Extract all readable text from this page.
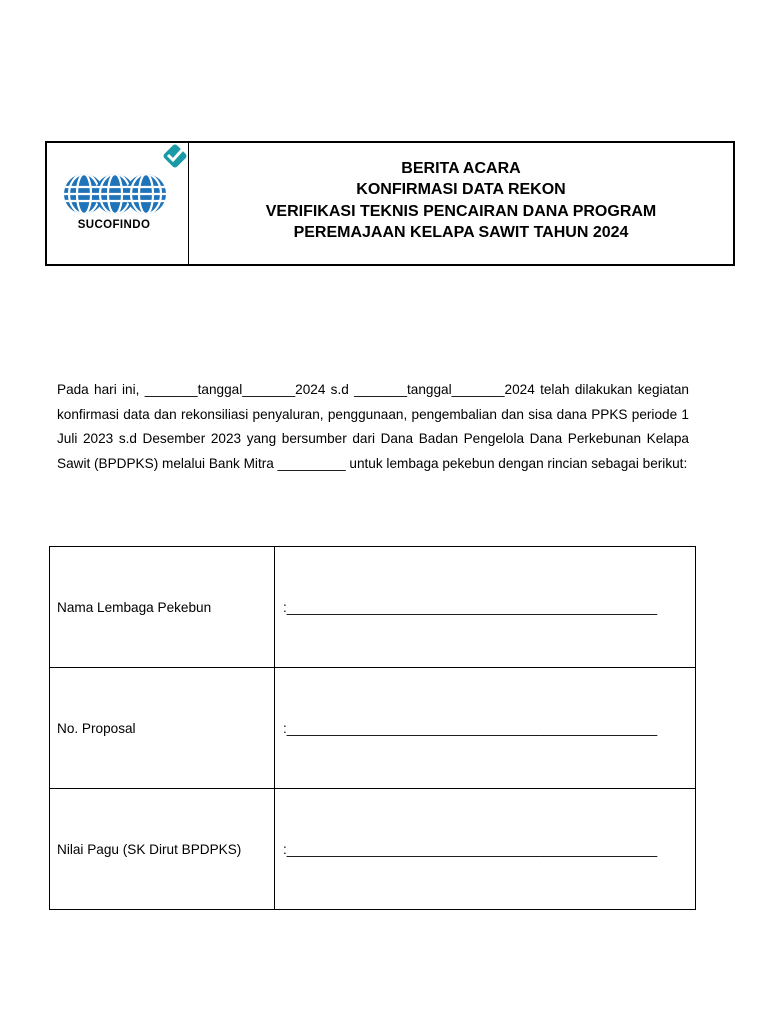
SUCOFINDO
BERITA ACARA
KONFIRMASI DATA REKON
VERIFIKASI TEKNIS PENCAIRAN DANA PROGRAM
PEREMAJAAN KELAPA SAWIT TAHUN 2024
Pada hari ini, _______tanggal_______2024 s.d _______tanggal_______2024 telah dilakukan kegiatan konfirmasi data dan rekonsiliasi penyaluran, penggunaan, pengembalian dan sisa dana PPKS periode 1 Juli 2023 s.d Desember 2023 yang bersumber dari Dana Badan Pengelola Dana Perkebunan Kelapa Sawit (BPDPKS) melalui Bank Mitra _________ untuk lembaga pekebun dengan rincian sebagai berikut:
Nama Lembaga Pekebun	:_________________________________________________
No. Proposal	:_________________________________________________
Nilai Pagu (SK Dirut BPDPKS)	:_________________________________________________
